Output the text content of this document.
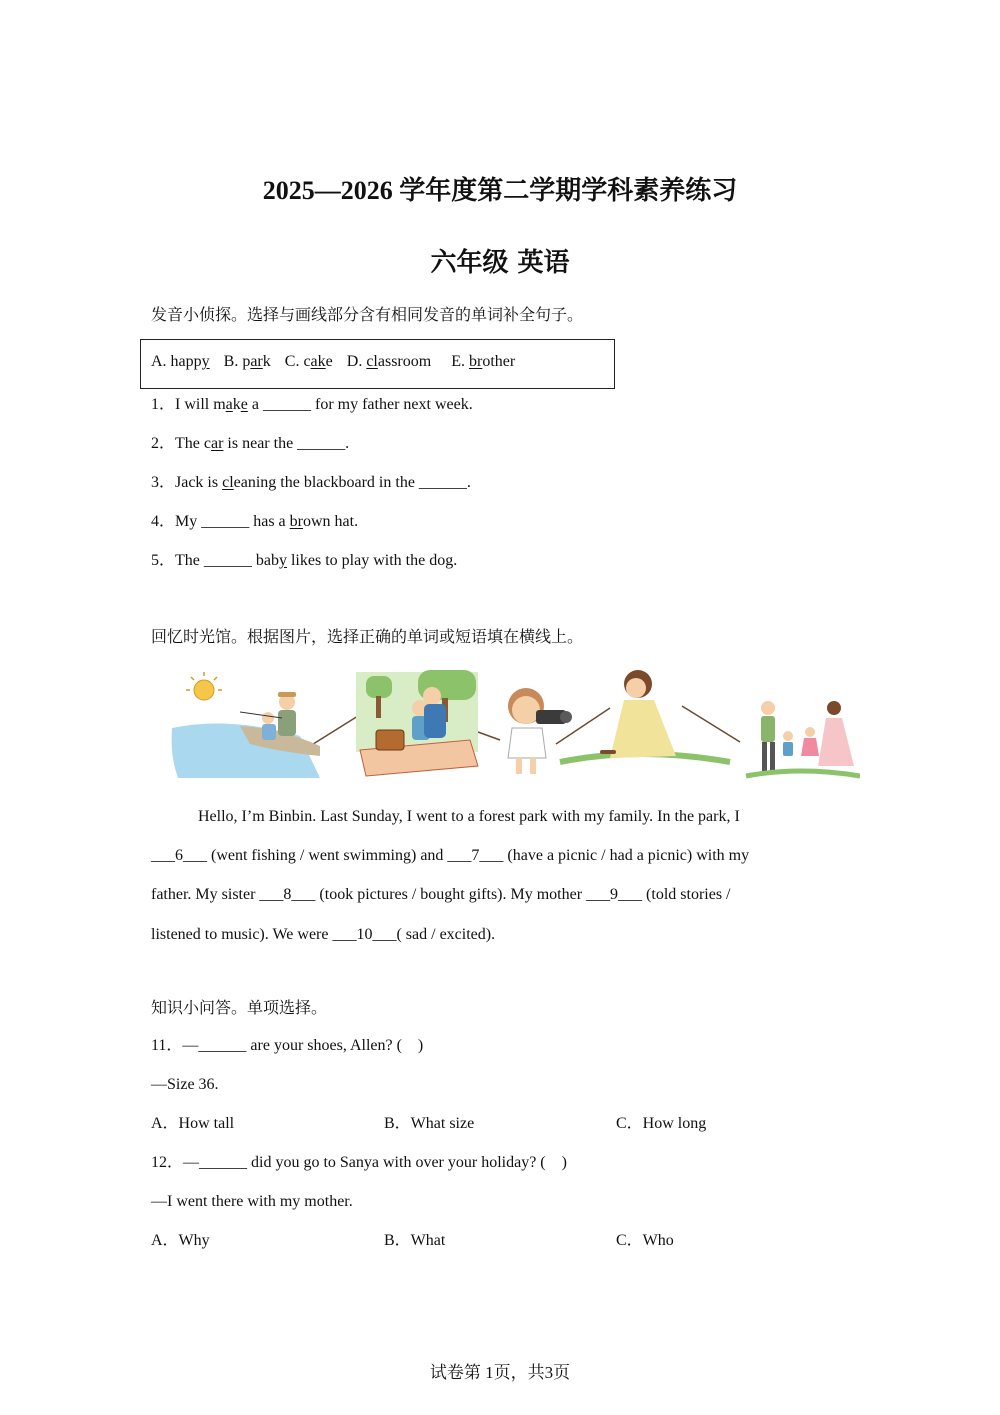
2025—2026 学年度第二学期学科素养练习
六年级 英语
发音小侦探。选择与画线部分含有相同发音的单词补全句子。
A. happy B. park C. cake D. classroom E. brother
1．I will make a ______ for my father next week.
2．The car is near the ______.
3．Jack is cleaning the blackboard in the ______.
4．My ______ has a brown hat.
5．The ______ baby likes to play with the dog.
回忆时光馆。根据图片，选择正确的单词或短语填在横线上。
Hello, I’m Binbin. Last Sunday, I went to a forest park with my family. In the park, I
___6___ (went fishing / went swimming) and ___7___ (have a picnic / had a picnic) with my
father. My sister ___8___ (took pictures / bought gifts). My mother ___9___ (told stories /
listened to music). We were ___10___( sad / excited).
知识小问答。单项选择。
11．—______ are your shoes, Allen? (　)
—Size 36.
A．How tall	B．What size	C．How long
12．—______ did you go to Sanya with over your holiday? (　)
—I went there with my mother.
A．Why	B．What	C．Who
试卷第 1页，共3页
